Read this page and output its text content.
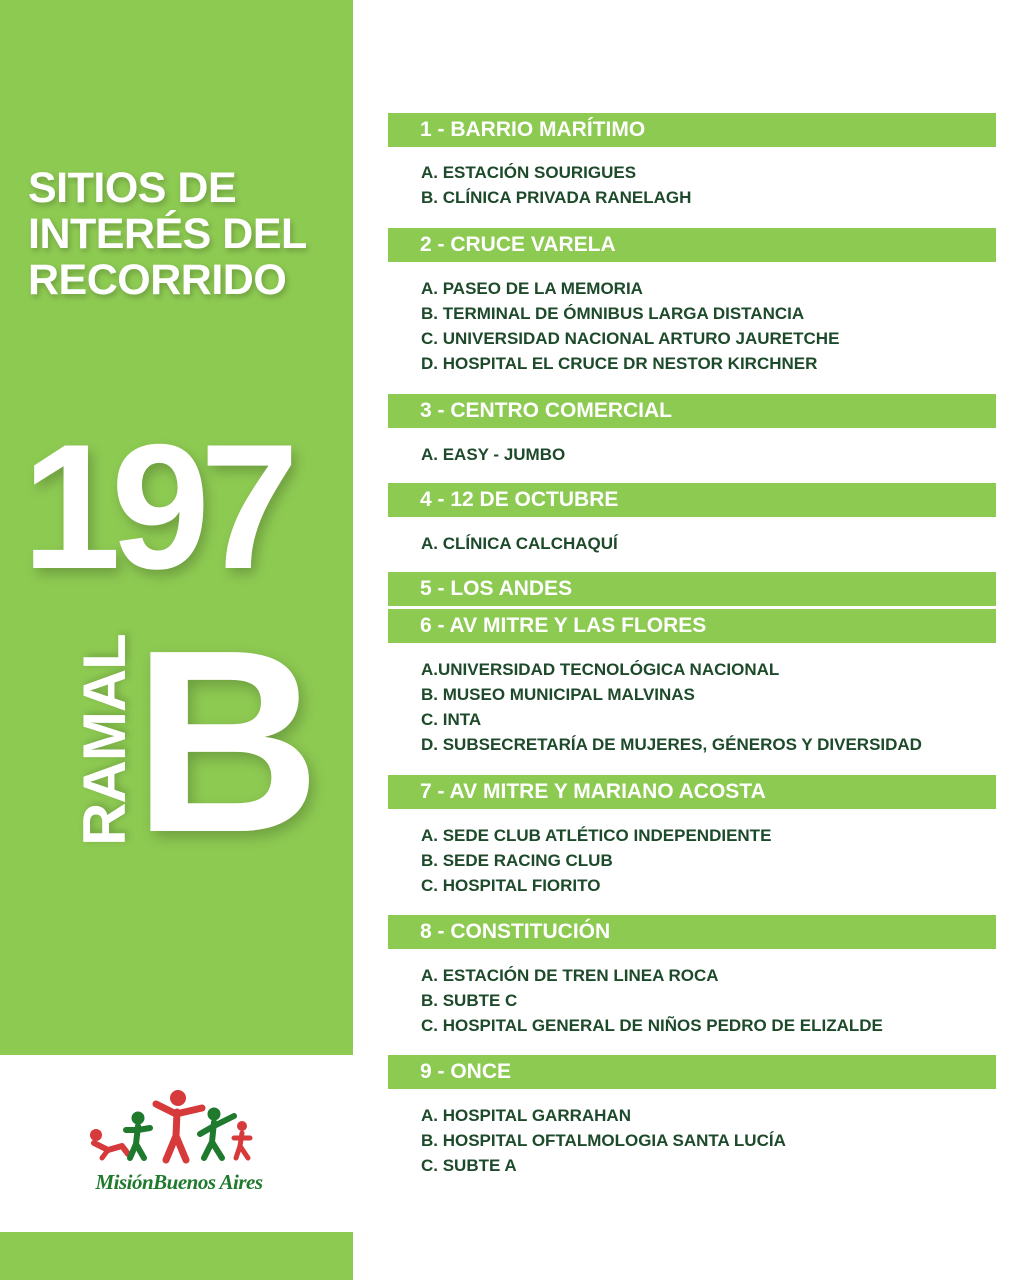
SITIOS DE
INTERÉS DEL
RECORRIDO
197
RAMAL
B
MisiónBuenos Aires
1 - BARRIO MARÍTIMO
A. ESTACIÓN SOURIGUES
B. CLÍNICA PRIVADA RANELAGH
2 - CRUCE VARELA
A. PASEO DE LA MEMORIA
B. TERMINAL DE ÓMNIBUS LARGA DISTANCIA
C. UNIVERSIDAD NACIONAL ARTURO JAURETCHE
D. HOSPITAL EL CRUCE DR NESTOR KIRCHNER
3 - CENTRO COMERCIAL
A. EASY - JUMBO
4 - 12 DE OCTUBRE
A. CLÍNICA CALCHAQUÍ
5 - LOS ANDES
6 - AV MITRE Y LAS FLORES
A.UNIVERSIDAD TECNOLÓGICA NACIONAL
B. MUSEO MUNICIPAL MALVINAS
C. INTA
D. SUBSECRETARÍA DE MUJERES, GÉNEROS Y DIVERSIDAD
7 - AV MITRE Y MARIANO ACOSTA
A. SEDE CLUB ATLÉTICO INDEPENDIENTE
B. SEDE RACING CLUB
C. HOSPITAL FIORITO
8 - CONSTITUCIÓN
A. ESTACIÓN DE TREN LINEA ROCA
B. SUBTE C
C. HOSPITAL GENERAL DE NIÑOS PEDRO DE ELIZALDE
9 - ONCE
A. HOSPITAL GARRAHAN
B. HOSPITAL OFTALMOLOGIA SANTA LUCÍA
C. SUBTE A
